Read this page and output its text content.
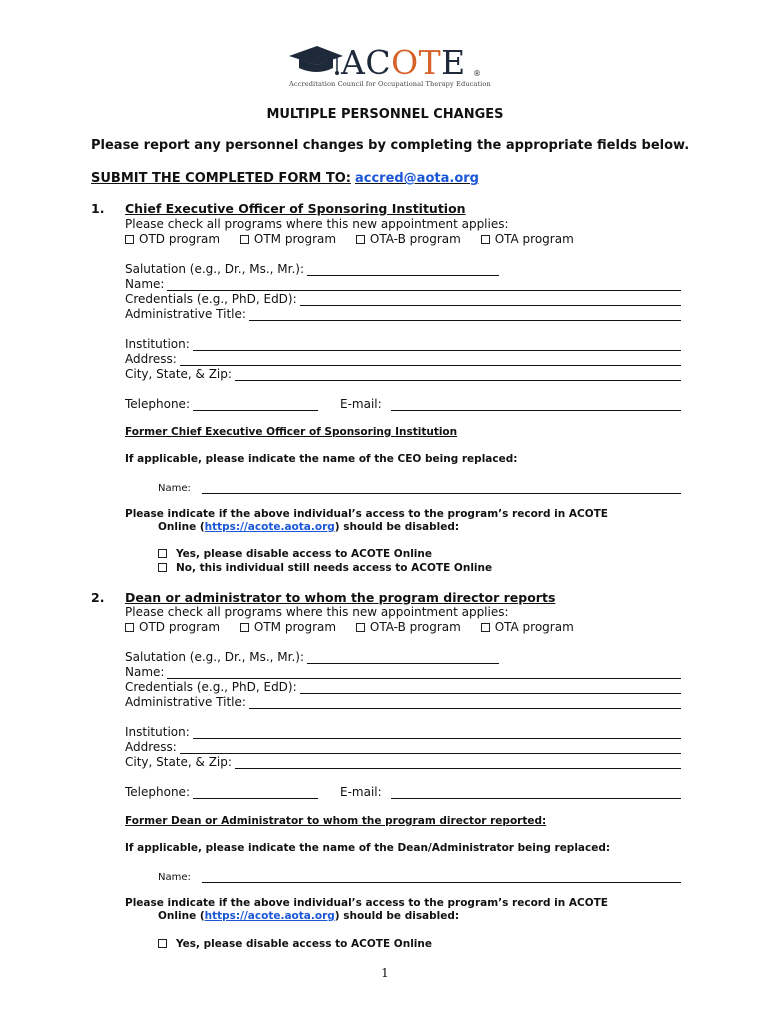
ACOTE ®
Accreditation Council for Occupational Therapy Education
MULTIPLE PERSONNEL CHANGES
Please report any personnel changes by completing the appropriate fields below.
SUBMIT THE COMPLETED FORM TO: accred@aota.org
1. Chief Executive Officer of Sponsoring Institution
Please check all programs where this new appointment applies:
OTD program	OTM program	OTA-B program	OTA program
Salutation (e.g., Dr., Ms., Mr.):
Name:
Credentials (e.g., PhD, EdD):
Administrative Title:
Institution:
Address:
City, State, & Zip:
Telephone:	E-mail:
Former Chief Executive Officer of Sponsoring Institution
If applicable, please indicate the name of the CEO being replaced:
Name:
Please indicate if the above individual’s access to the program’s record in ACOTE
Online (https://acote.aota.org) should be disabled:
Yes, please disable access to ACOTE Online
No, this individual still needs access to ACOTE Online
2. Dean or administrator to whom the program director reports
Please check all programs where this new appointment applies:
OTD program	OTM program	OTA-B program	OTA program
Salutation (e.g., Dr., Ms., Mr.):
Name:
Credentials (e.g., PhD, EdD):
Administrative Title:
Institution:
Address:
City, State, & Zip:
Telephone:	E-mail:
Former Dean or Administrator to whom the program director reported:
If applicable, please indicate the name of the Dean/Administrator being replaced:
Name:
Please indicate if the above individual’s access to the program’s record in ACOTE
Online (https://acote.aota.org) should be disabled:
Yes, please disable access to ACOTE Online
1
